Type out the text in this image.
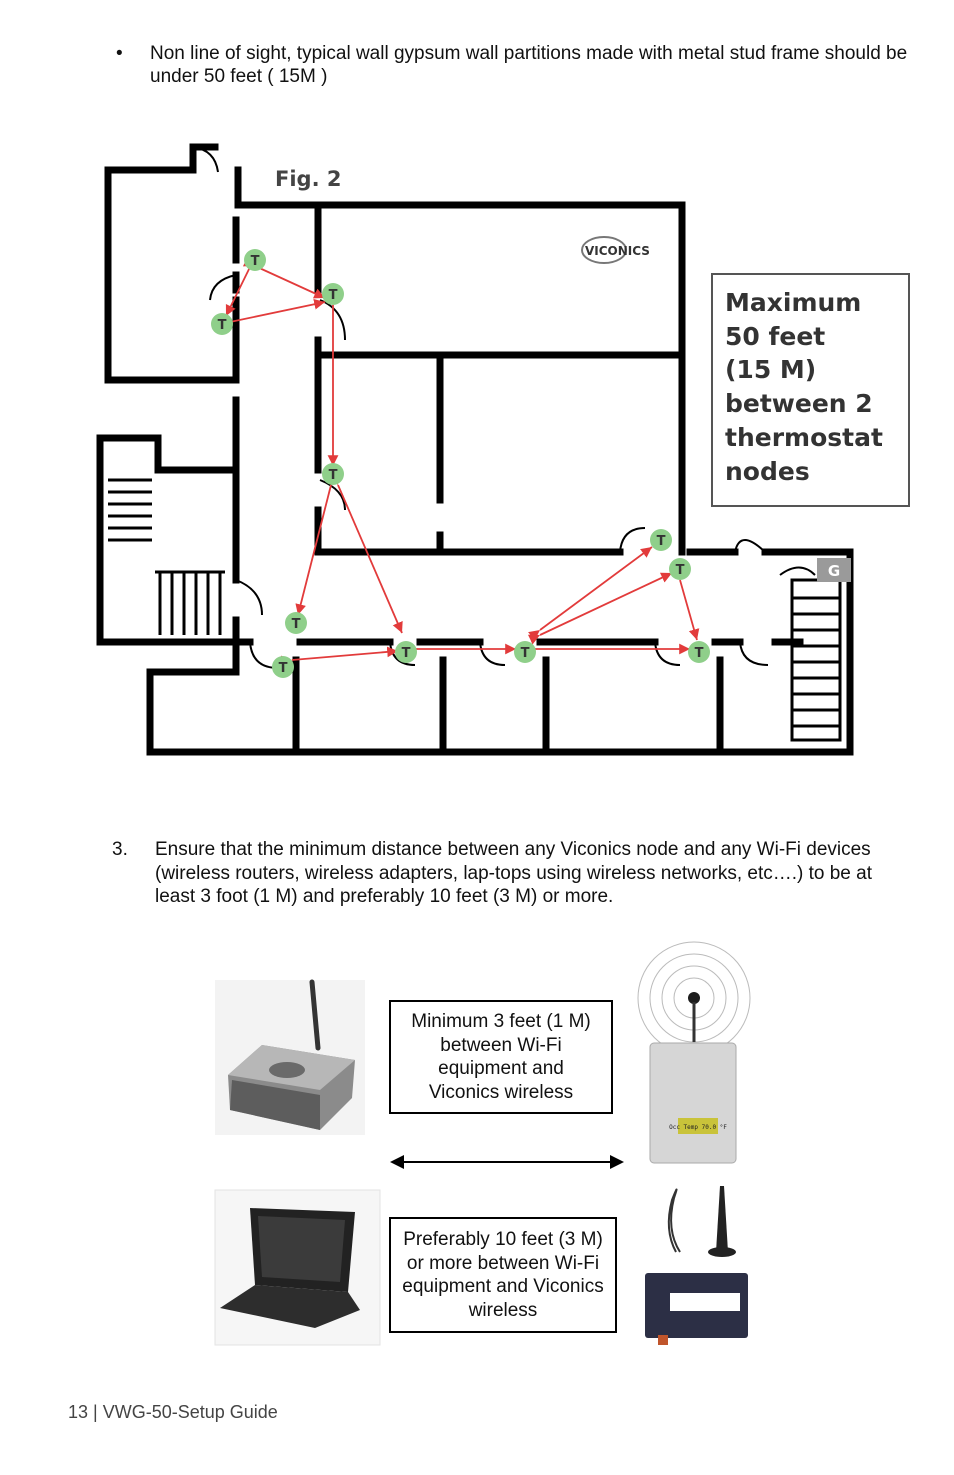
• Non line of sight, typical wall gypsum wall partitions made with metal stud frame should be under 50 feet ( 15M )
T
T
T
T
T
T
T	T	T
T
T	G
Fig. 2
VICONICS
Maximum 50 feet (15 M) between 2 thermostat nodes
3. Ensure that the minimum distance between any Viconics node and any Wi-Fi devices (wireless routers, wireless adapters, lap-tops using wireless networks, etc….) to be at least 3 foot (1 M) and preferably 10 feet (3 M) or more.
Occ Temp 70.0 °F
Minimum 3 feet (1 M) between Wi-Fi equipment and Viconics wireless
Preferably 10 feet (3 M) or more between Wi-Fi equipment and Viconics wireless
13 | VWG-50-Setup Guide
